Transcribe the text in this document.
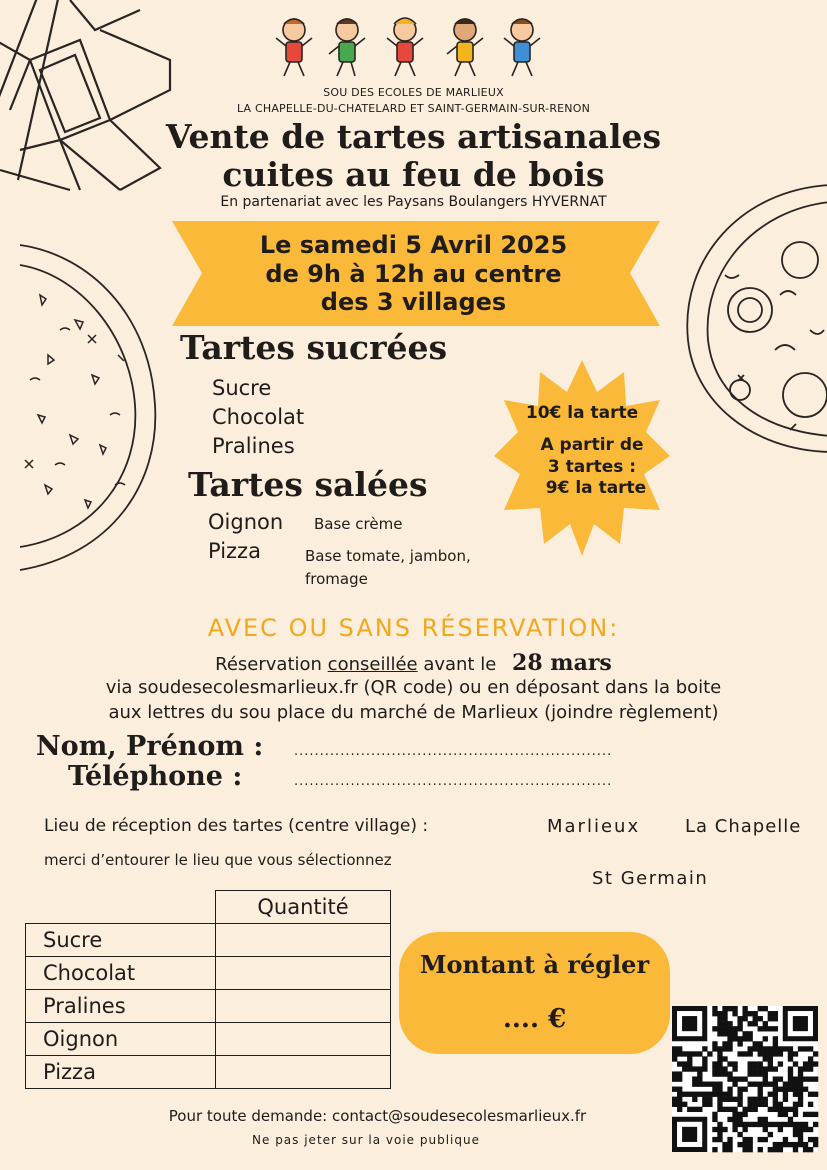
SOU DES ECOLES DE MARLIEUX
LA CHAPELLE-DU-CHATELARD ET SAINT-GERMAIN-SUR-RENON
Vente de tartes artisanales
cuites au feu de bois
En partenariat avec les Paysans Boulangers HYVERNAT
Le samedi 5 Avril 2025
de 9h à 12h au centre
des 3 villages
Tartes sucrées
Sucre
Chocolat
Pralines
Tartes salées
Oignon Base crème
Pizza	Base tomate, jambon,
fromage
10€ la tarte
A partir de
3 tartes :
9€ la tarte
AVEC OU SANS RÉSERVATION:
Réservation conseillée avant le 28 mars
via soudesecolesmarlieux.fr (QR code) ou en déposant dans la boite
aux lettres du sou place du marché de Marlieux (joindre règlement)
Nom, Prénom : ..............................................................
Téléphone :	..............................................................
Lieu de réception des tartes (centre village) :	Marlieux La Chapelle
merci d’entourer le lieu que vous sélectionnez
St Germain
	Quantité
Sucre	
Chocolat	
Pralines	
Oignon	
Pizza	
Montant à régler
.... €
Pour toute demande: contact@soudesecolesmarlieux.fr
Ne pas jeter sur la voie publique
